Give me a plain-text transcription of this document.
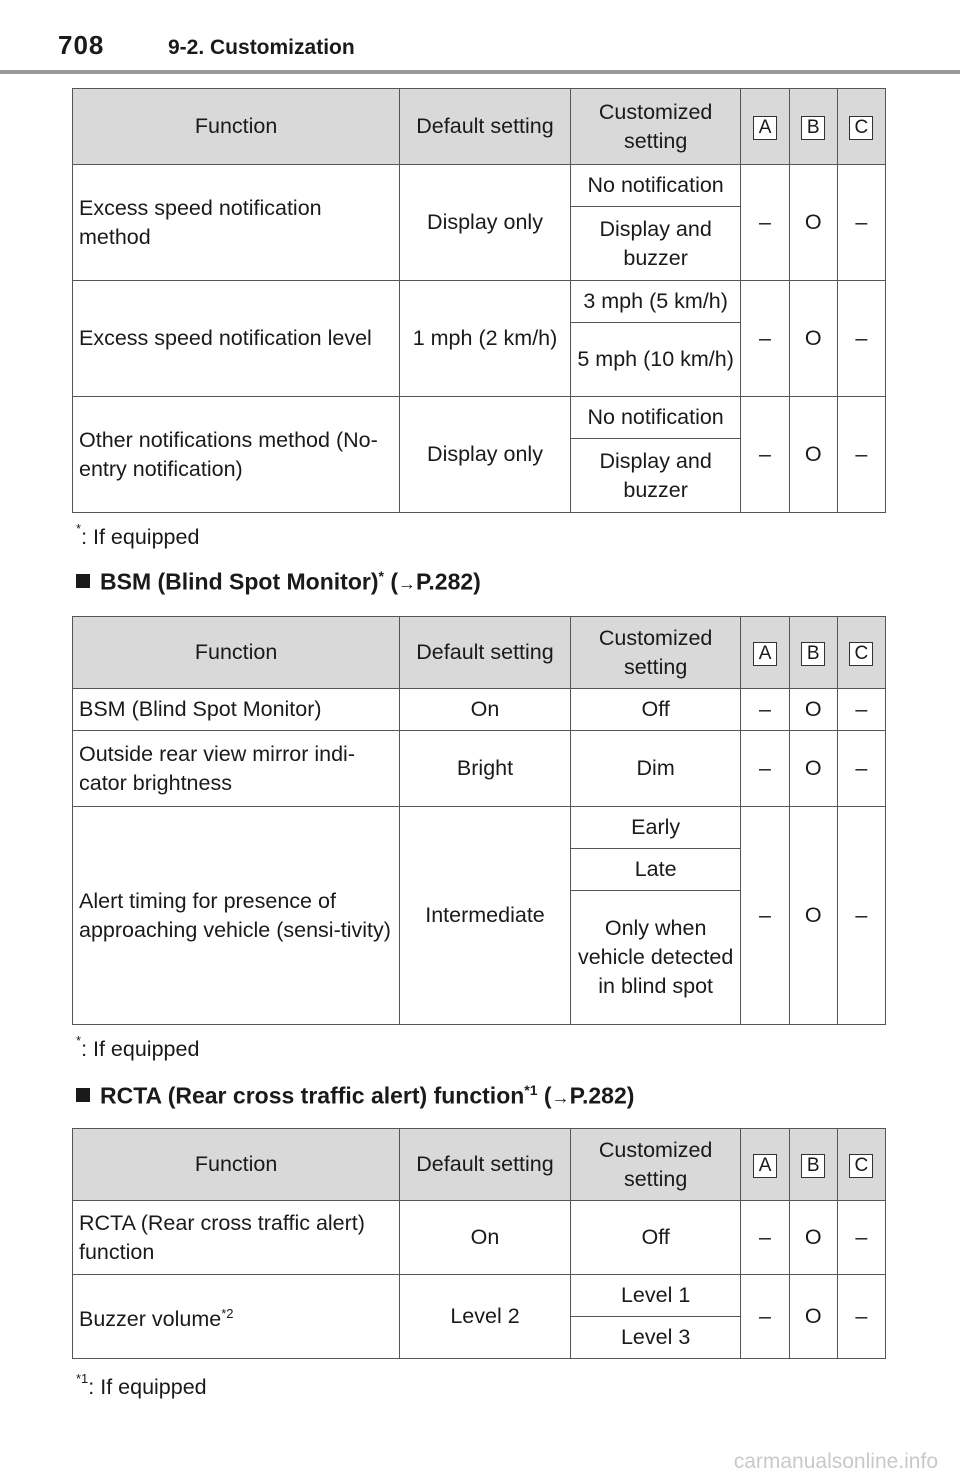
708	9-2. Customization
Function	Default setting	Customized setting	A	B	C
Excess speed notification method	Display only	No notification	–	O	–
		Display and buzzer			
Excess speed notification level	1 mph (2 km/h)	3 mph (5 km/h)	–	O	–
		5 mph (10 km/h)			
Other notifications method (No-entry notification)	Display only	No notification	–	O	–
		Display and buzzer			
*: If equipped
BSM (Blind Spot Monitor)* (→P.282)
Function	Default setting	Customized setting	A	B	C
BSM (Blind Spot Monitor)	On	Off	–	O	–
Outside rear view mirror indi-cator brightness	Bright	Dim	–	O	–
Alert timing for presence of approaching vehicle (sensi-tivity)	Intermediate	Early	–	O	–
		Late			
		Only when vehicle detected in blind spot			
*: If equipped
RCTA (Rear cross traffic alert) function$^{*1}$ (→P.282)
Function	Default setting	Customized setting	A	B	C
RCTA (Rear cross traffic alert) function	On	Off	–	O	–
Buzzer volume$^{*2}$	Level 2	Level 1	–	O	–
		Level 3			
$^{*1}$: If equipped
carmanualsonline.info
